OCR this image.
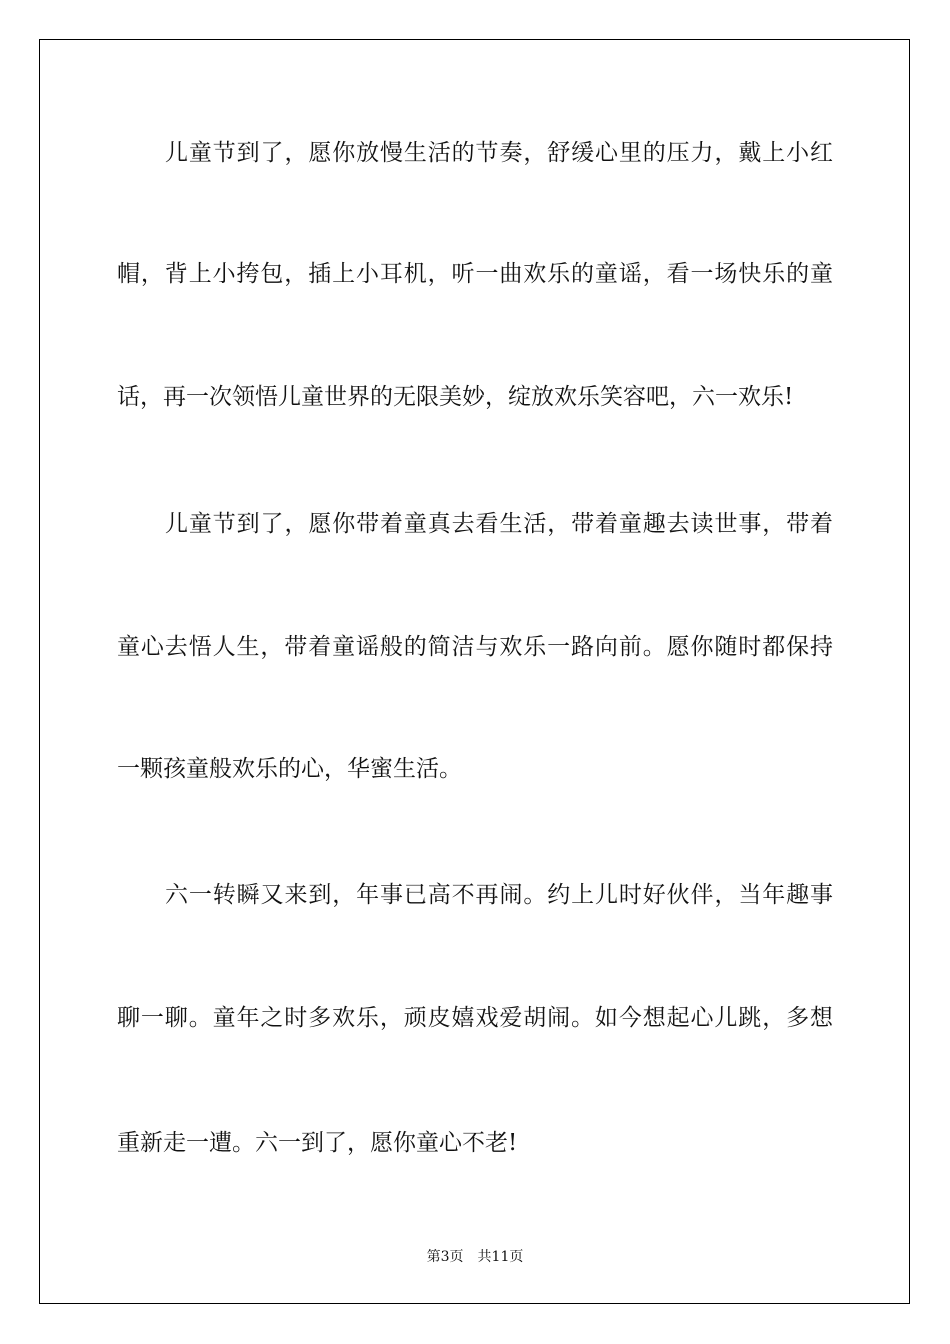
儿童节到了，愿你放慢生活的节奏，舒缓心里的压力，戴上小红
帽，背上小挎包，插上小耳机，听一曲欢乐的童谣，看一场快乐的童
话，再一次领悟儿童世界的无限美妙，绽放欢乐笑容吧，六一欢乐!
儿童节到了，愿你带着童真去看生活，带着童趣去读世事，带着
童心去悟人生，带着童谣般的简洁与欢乐一路向前。愿你随时都保持
一颗孩童般欢乐的心，华蜜生活。
六一转瞬又来到，年事已高不再闹。约上儿时好伙伴，当年趣事
聊一聊。童年之时多欢乐，顽皮嬉戏爱胡闹。如今想起心儿跳，多想
重新走一遭。六一到了，愿你童心不老!
第3页 共11页
